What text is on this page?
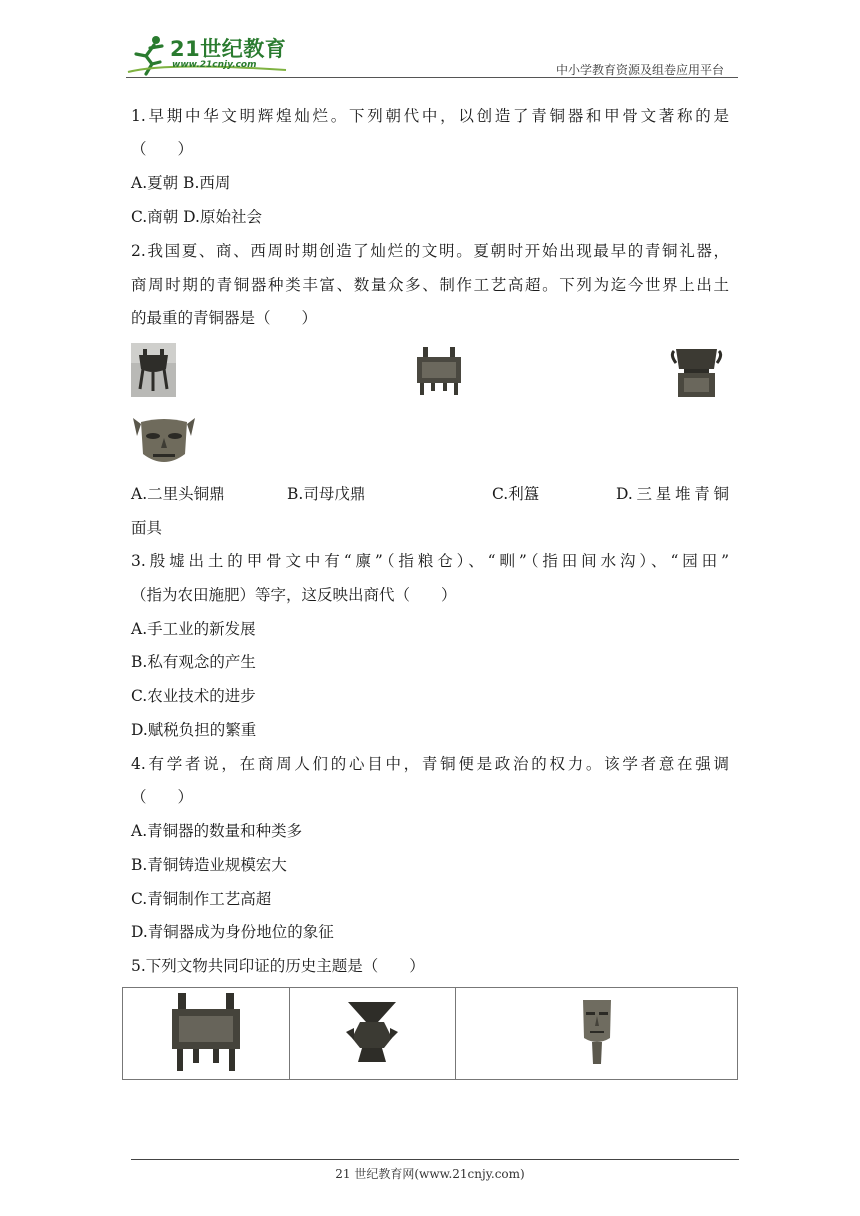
21世纪教育
www.21cnjy.com	中小学教育资源及组卷应用平台
1.早期中华文明辉煌灿烂。下列朝代中，以创造了青铜器和甲骨文著称的是
（　　）
A.夏朝 B.西周
C.商朝 D.原始社会
2.我国夏、商、西周时期创造了灿烂的文明。夏朝时开始出现最早的青铜礼器，
商周时期的青铜器种类丰富、数量众多、制作工艺高超。下列为迄今世界上出土
的最重的青铜器是（　　）
A.二里头铜鼎	B.司母戊鼎	C.利簋	D.三星堆青铜
面具
3.殷墟出土的甲骨文中有“廪”（指粮仓）、“甽”（指田间水沟）、“园田”
（指为农田施肥）等字，这反映出商代（　　）
A.手工业的新发展
B.私有观念的产生
C.农业技术的进步
D.赋税负担的繁重
4.有学者说，在商周人们的心目中，青铜便是政治的权力。该学者意在强调
（　　）
A.青铜器的数量和种类多
B.青铜铸造业规模宏大
C.青铜制作工艺高超
D.青铜器成为身份地位的象征
5.下列文物共同印证的历史主题是（　　）

21 世纪教育网(www.21cnjy.com)
